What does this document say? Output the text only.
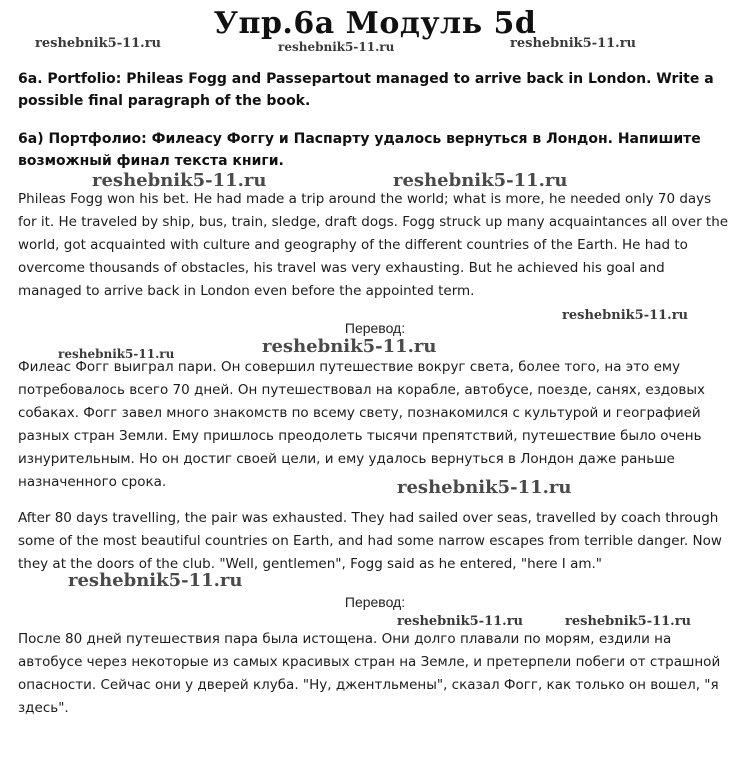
Упр.6а Модуль 5d
reshebnik5-11.ru	reshebnik5-11.ru	reshebnik5-11.ru
6a. Portfolio: Phileas Fogg and Passepartout managed to arrive back in London. Write a possible final paragraph of the book.
6а) Портфолио: Филеасу Фоггу и Паспарту удалось вернуться в Лондон. Напишите возможный финал текста книги.
reshebnik5-11.ru	reshebnik5-11.ru
Phileas Fogg won his bet. He had made a trip around the world; what is more, he needed only 70 days for it. He traveled by ship, bus, train, sledge, draft dogs. Fogg struck up many acquaintances all over the world, got acquainted with culture and geography of the different countries of the Earth. He had to overcome thousands of obstacles, his travel was very exhausting. But he achieved his goal and managed to arrive back in London even before the appointed term.
Перевод:
reshebnik5-11.ru
reshebnik5-11.ru
reshebnik5-11.ru
Филеас Фогг выиграл пари. Он совершил путешествие вокруг света, более того, на это ему потребовалось всего 70 дней. Он путешествовал на корабле, автобусе, поезде, санях, ездовых собаках. Фогг завел много знакомств по всему свету, познакомился с культурой и географией разных стран Земли. Ему пришлось преодолеть тысячи препятствий, путешествие было очень изнурительным. Но он достиг своей цели, и ему удалось вернуться в Лондон даже раньше назначенного срока.	reshebnik5-11.ru
After 80 days travelling, the pair was exhausted. They had sailed over seas, travelled by coach through some of the most beautiful countries on Earth, and had some narrow escapes from terrible danger. Now they at the doors of the club. "Well, gentlemen", Fogg said as he entered, "here I am."
reshebnik5-11.ru
Перевод:
reshebnik5-11.ru	reshebnik5-11.ru
После 80 дней путешествия пара была истощена. Они долго плавали по морям, ездили на автобусе через некоторые из самых красивых стран на Земле, и претерпели побеги от страшной опасности. Сейчас они у дверей клуба. "Ну, джентльмены", сказал Фогг, как только он вошел, "я здесь".
